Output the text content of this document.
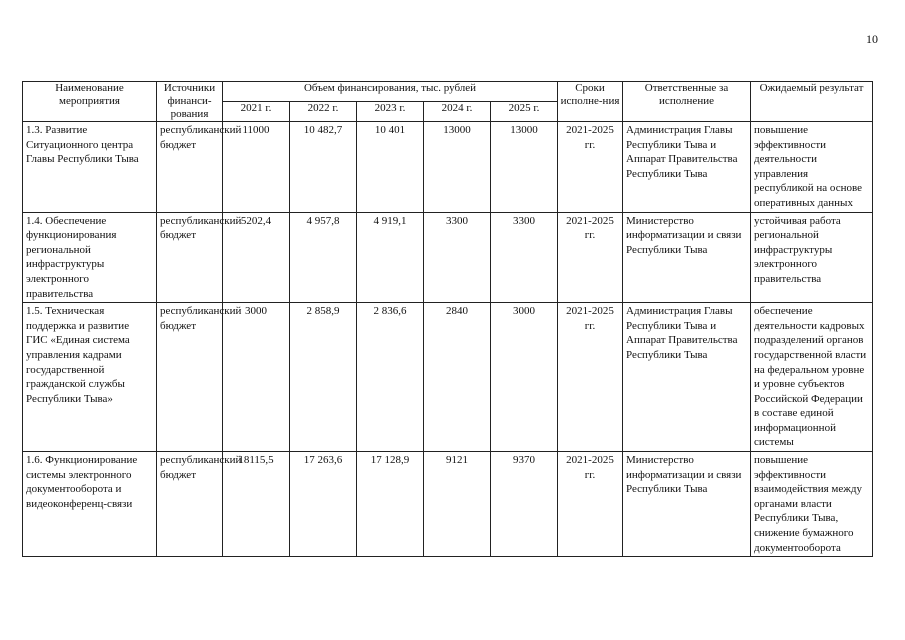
10
Наименование мероприятия	Источники финанси-рования	Объем финансирования, тыс. рублей					Сроки исполне-ния	Ответственные за исполнение	Ожидаемый результат
		2021 г.	2022 г.	2023 г.	2024 г.	2025 г.			
1.3. Развитие Ситуационного центра Главы Республики Тыва	республиканский бюджет	11000	10 482,7	10 401	13000	13000	2021-2025 гг.	Администрация Главы Республики Тыва и Аппарат Правительства Республики Тыва	повышение эффективности деятельности управления республикой на основе оперативных данных
1.4. Обеспечение функционирования региональной инфраструктуры электронного правительства	республиканский бюджет	5202,4	4 957,8	4 919,1	3300	3300	2021-2025 гг.	Министерство информатизации и связи Республики Тыва	устойчивая работа региональной инфраструктуры электронного правительства
1.5. Техническая поддержка и развитие ГИС «Единая система управления кадрами государственной гражданской службы Республики Тыва»	республиканский бюджет	3000	2 858,9	2 836,6	2840	3000	2021-2025 гг.	Администрация Главы Республики Тыва и Аппарат Правительства Республики Тыва	обеспечение деятельности кадровых подразделений органов государственной власти на федеральном уровне и уровне субъектов Российской Федерации в составе единой информационной системы
1.6. Функционирование системы электронного документооборота и видеоконференц-связи	республиканский бюджет	18115,5	17 263,6	17 128,9	9121	9370	2021-2025 гг.	Министерство информатизации и связи Республики Тыва	повышение эффективности взаимодействия между органами власти Республики Тыва, снижение бумажного документооборота
